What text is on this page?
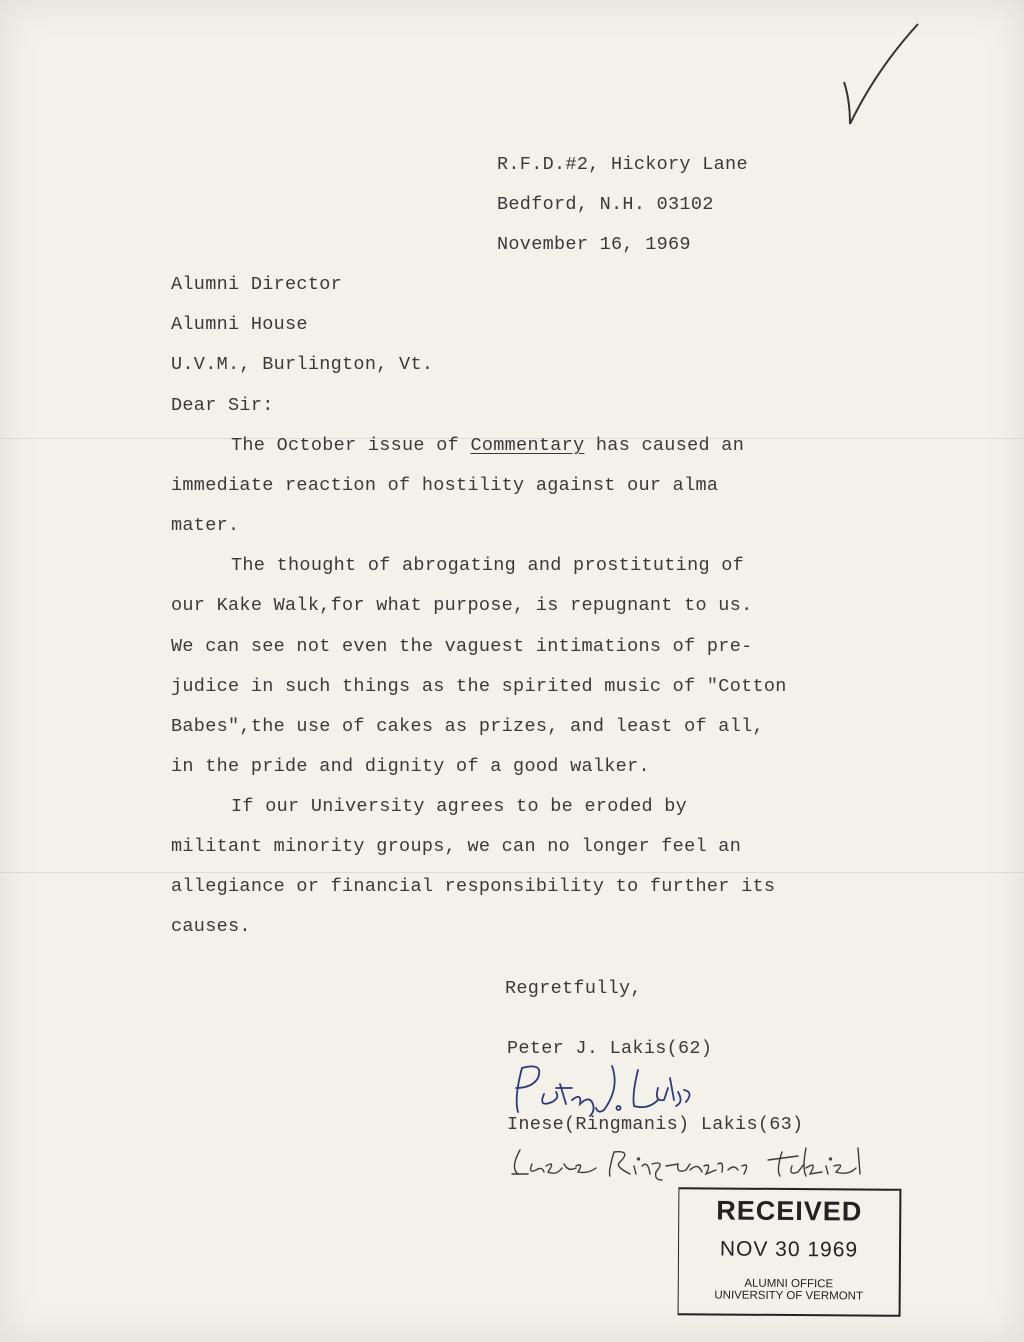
R.F.D.#2, Hickory Lane
Bedford, N.H. 03102
November 16, 1969
Alumni Director
Alumni House
U.V.M., Burlington, Vt.
Dear Sir:
The October issue of Commentary has caused an
immediate reaction of hostility against our alma
mater.
The thought of abrogating and prostituting of
our Kake Walk,for what purpose, is repugnant to us.
We can see not even the vaguest intimations of pre-
judice in such things as the spirited music of "Cotton
Babes",the use of cakes as prizes, and least of all,
in the pride and dignity of a good walker.
If our University agrees to be eroded by
militant minority groups, we can no longer feel an
allegiance or financial responsibility to further its
causes.
Regretfully,
Peter J. Lakis(62)
Inese(Ringmanis) Lakis(63)
RECEIVED
NOV 30 1969
ALUMNI OFFICE
UNIVERSITY OF VERMONT
